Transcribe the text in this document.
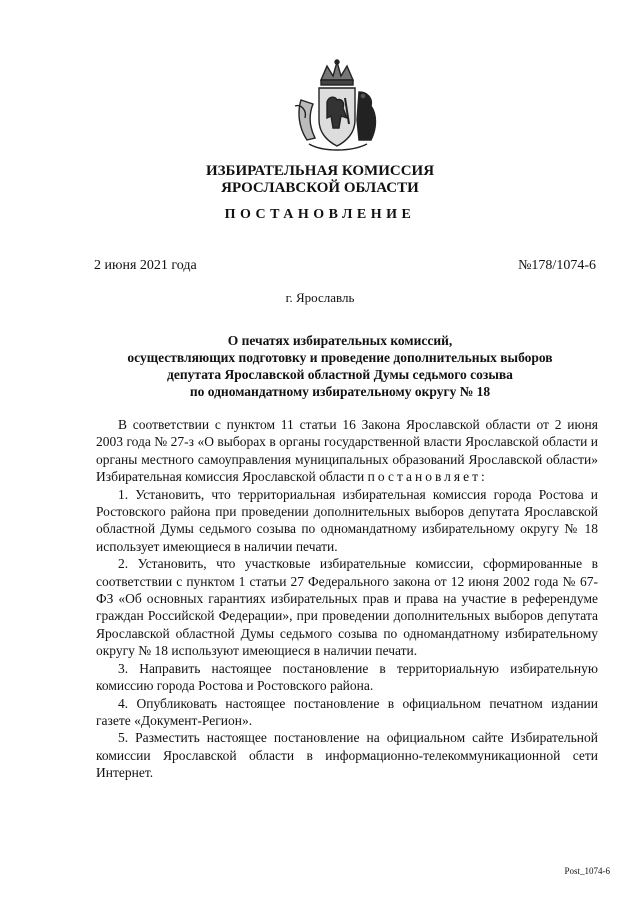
ИЗБИРАТЕЛЬНАЯ КОМИССИЯ
ЯРОСЛАВСКОЙ ОБЛАСТИ
ПОСТАНОВЛЕНИЕ
2 июня 2021 года	№178/1074-6
г. Ярославль
О печатях избирательных комиссий,
осуществляющих подготовку и проведение дополнительных выборов
депутата Ярославской областной Думы седьмого созыва
по одномандатному избирательному округу № 18

В соответствии с пунктом 11 статьи 16 Закона Ярославской области от 2 июня 2003 года № 27-з «О выборах в органы государственной власти Ярославской области и органы местного самоуправления муниципальных образований Ярославской области» Избирательная комиссия Ярославской области постановляет:

1. Установить, что территориальная избирательная комиссия города Ростова и Ростовского района при проведении дополнительных выборов депутата Ярославской областной Думы седьмого созыва по одномандатному избирательному округу № 18 использует имеющиеся в наличии печати.

2. Установить, что участковые избирательные комиссии, сформированные в соответствии с пунктом 1 статьи 27 Федерального закона от 12 июня 2002 года № 67-ФЗ «Об основных гарантиях избирательных прав и права на участие в референдуме граждан Российской Федерации», при проведении дополнительных выборов депутата Ярославской областной Думы седьмого созыва по одномандатному избирательному округу № 18 используют имеющиеся в наличии печати.

3. Направить настоящее постановление в территориальную избирательную комиссию города Ростова и Ростовского района.

4. Опубликовать настоящее постановление в официальном печатном издании газете «Документ-Регион».

5. Разместить настоящее постановление на официальном сайте Избирательной комиссии Ярославской области в информационно-телекоммуникационной сети Интернет.

Post_1074-6
